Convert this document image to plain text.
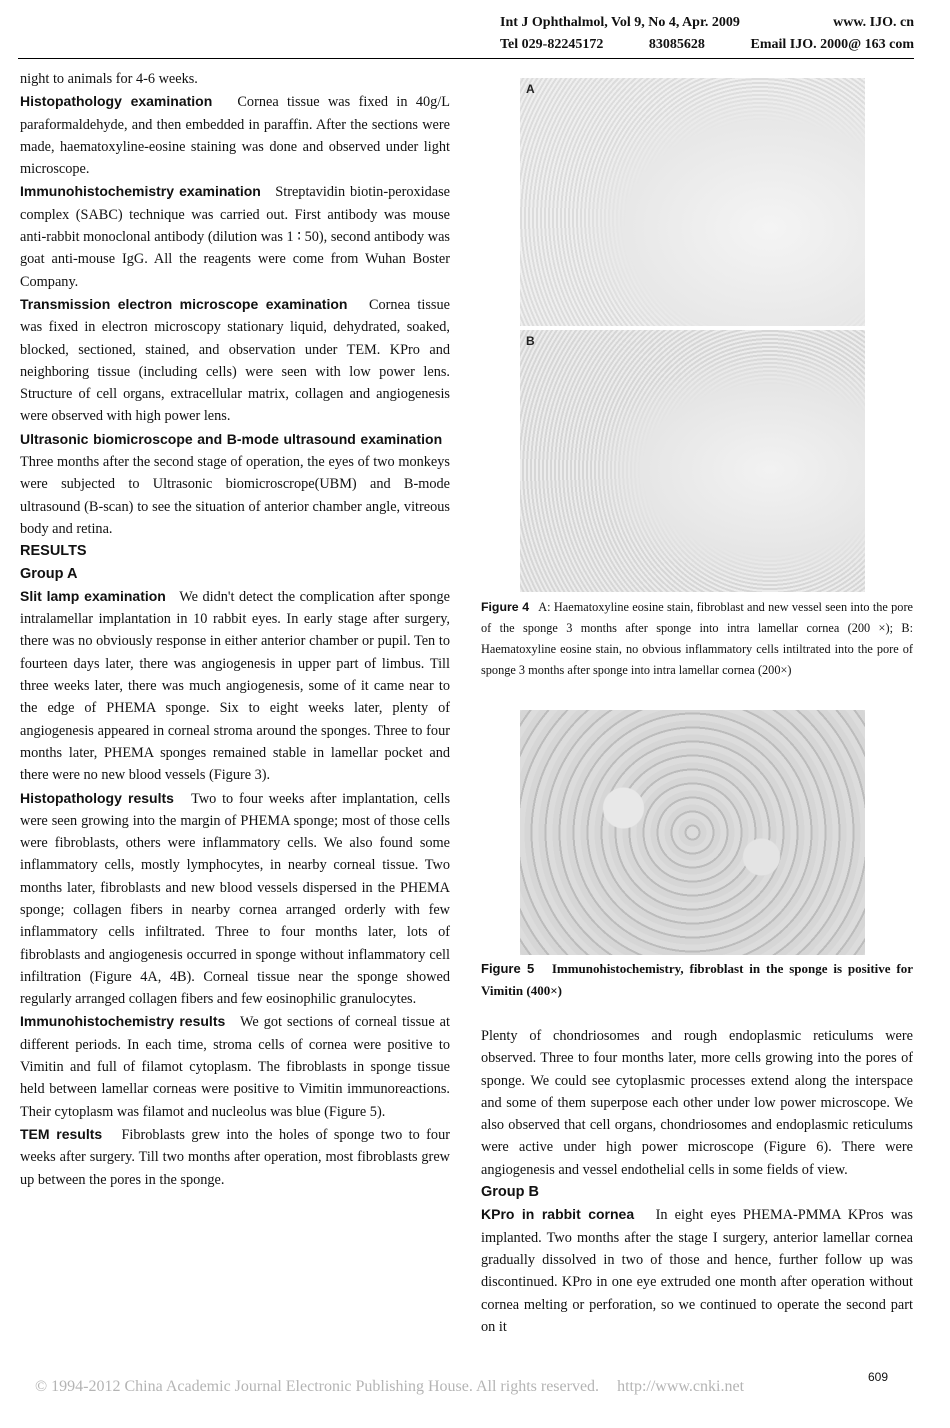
Int J Ophthalmol, Vol 9, No 4, Apr. 2009	www. IJO. cn
Tel 029-82245172	83085628	Email IJO. 2000@ 163 com

night to animals for 4-6 weeks.

Histopathology examination Cornea tissue was fixed in 40g/L paraformaldehyde, and then embedded in paraffin. After the sections were made, haematoxyline-eosine staining was done and observed under light microscope.

Immunohistochemistry examination Streptavidin biotin-peroxidase complex (SABC) technique was carried out. First antibody was mouse anti-rabbit monoclonal antibody (dilution was 1 ∶ 50), second antibody was goat anti-mouse IgG. All the reagents were come from Wuhan Boster Company.

Transmission electron microscope examination Cornea tissue was fixed in electron microscopy stationary liquid, dehydrated, soaked, blocked, sectioned, stained, and observation under TEM. KPro and neighboring tissue (including cells) were seen with low power lens. Structure of cell organs, extracellular matrix, collagen and angiogenesis were observed with high power lens.

Ultrasonic biomicroscope and B-mode ultrasound examination   Three months after the second stage of operation, the eyes of two monkeys were subjected to Ultrasonic biomicroscrope(UBM) and B-mode ultrasound (B-scan) to see the situation of anterior chamber angle, vitreous body and retina.

RESULTS
Group A

Slit lamp examination We didn't detect the complication after sponge intralamellar implantation in 10 rabbit eyes. In early stage after surgery, there was no obviously response in either anterior chamber or pupil. Ten to fourteen days later, there was angiogenesis in upper part of limbus. Till three weeks later, there was much angiogenesis, some of it came near to the edge of PHEMA sponge. Six to eight weeks later, plenty of angiogenesis appeared in corneal stroma around the sponges. Three to four months later, PHEMA sponges remained stable in lamellar pocket and there were no new blood vessels (Figure 3).

Histopathology results Two to four weeks after implantation, cells were seen growing into the margin of PHEMA sponge; most of those cells were fibroblasts, others were inflammatory cells. We also found some inflammatory cells, mostly lymphocytes, in nearby corneal tissue. Two months later, fibroblasts and new blood vessels dispersed in the PHEMA sponge; collagen fibers in nearby cornea arranged orderly with few inflammatory cells infiltrated. Three to four months later, lots of fibroblasts and angiogenesis occurred in sponge without inflammatory cell infiltration (Figure 4A, 4B). Corneal tissue near the sponge showed regularly arranged collagen fibers and few eosinophilic granulocytes.

Immunohistochemistry results We got sections of corneal tissue at different periods. In each time, stroma cells of cornea were positive to Vimitin and full of filamot cytoplasm. The fibroblasts in sponge tissue held between lamellar corneas were positive to Vimitin immunoreactions. Their cytoplasm was filamot and nucleolus was blue (Figure 5).

TEM results Fibroblasts grew into the holes of sponge two to four weeks after surgery. Till two months after operation, most fibroblasts grew up between the pores in the sponge.

A
B
Figure 4 A: Haematoxyline eosine stain, fibroblast and new vessel seen into the pore of the sponge 3 months after sponge into intra lamellar cornea (200 ×); B: Haematoxyline eosine stain, no obvious inflammatory cells intiltrated into the pore of sponge 3 months after sponge into intra lamellar cornea (200×)
Figure 5 Immunohistochemistry, fibroblast in the sponge is positive for Vimitin (400×)

Plenty of chondriosomes and rough endoplasmic reticulums were observed. Three to four months later, more cells growing into the pores of sponge. We could see cytoplasmic processes extend along the interspace and some of them superpose each other under low power microscope. We also observed that cell organs, chondriosomes and endoplasmic reticulums were active under high power microscope (Figure 6). There were angiogenesis and vessel endothelial cells in some fields of view.

Group B

KPro in rabbit cornea In eight eyes PHEMA-PMMA KPros was implanted. Two months after the stage I surgery, anterior lamellar cornea gradually dissolved in two of those and hence, further follow up was discontinued. KPro in one eye extruded one month after operation without cornea melting or perforation, so we continued to operate the second part on it

609
© 1994-2012 China Academic Journal Electronic Publishing House. All rights reserved. http://www.cnki.net
